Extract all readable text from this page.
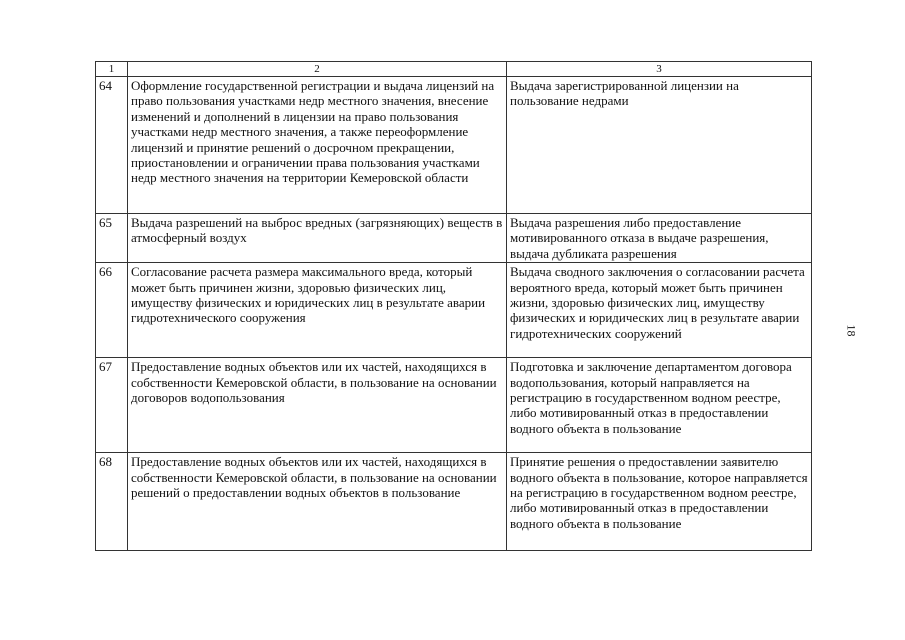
1	2	3
64	Оформление государственной регистрации и выдача лицензий на право пользования участками недр местного значения, внесение изменений и дополнений в лицензии на право пользования участками недр местного значения, а также переоформление лицензий и принятие решений о досрочном прекращении, приостановлении и ограничении права пользования участками недр местного значения на территории Кемеровской области	Выдача зарегистрированной лицензии на пользование недрами
65	Выдача разрешений на выброс вредных (загрязняющих) веществ в атмосферный воздух	Выдача разрешения либо предоставление мотивированного отказа в выдаче разрешения, выдача дубликата разрешения
66	Согласование расчета размера максимального вреда, который может быть причинен жизни, здоровью физических лиц, имуществу физических и юридических лиц в результате аварии гидротехнического сооружения	Выдача сводного заключения о согласовании расчета вероятного вреда, который может быть причинен жизни, здоровью физических лиц, имуществу физических и юридических лиц в результате аварии гидротехнических сооружений
67	Предоставление водных объектов или их частей, находящихся в собственности Кемеровской области, в пользование на основании договоров водопользования	Подготовка и заключение департаментом договора водопользования, который направляется на регистрацию в государственном водном реестре, либо мотивированный отказ в предоставлении водного объекта в пользование
68	Предоставление водных объектов или их частей, находящихся в собственности Кемеровской области, в пользование на основании решений о предоставлении водных объектов в пользование	Принятие решения о предоставлении заявителю водного объекта в пользование, которое направляется на регистрацию в государственном водном реестре, либо мотивированный отказ в предоставлении водного объекта в пользование
18
